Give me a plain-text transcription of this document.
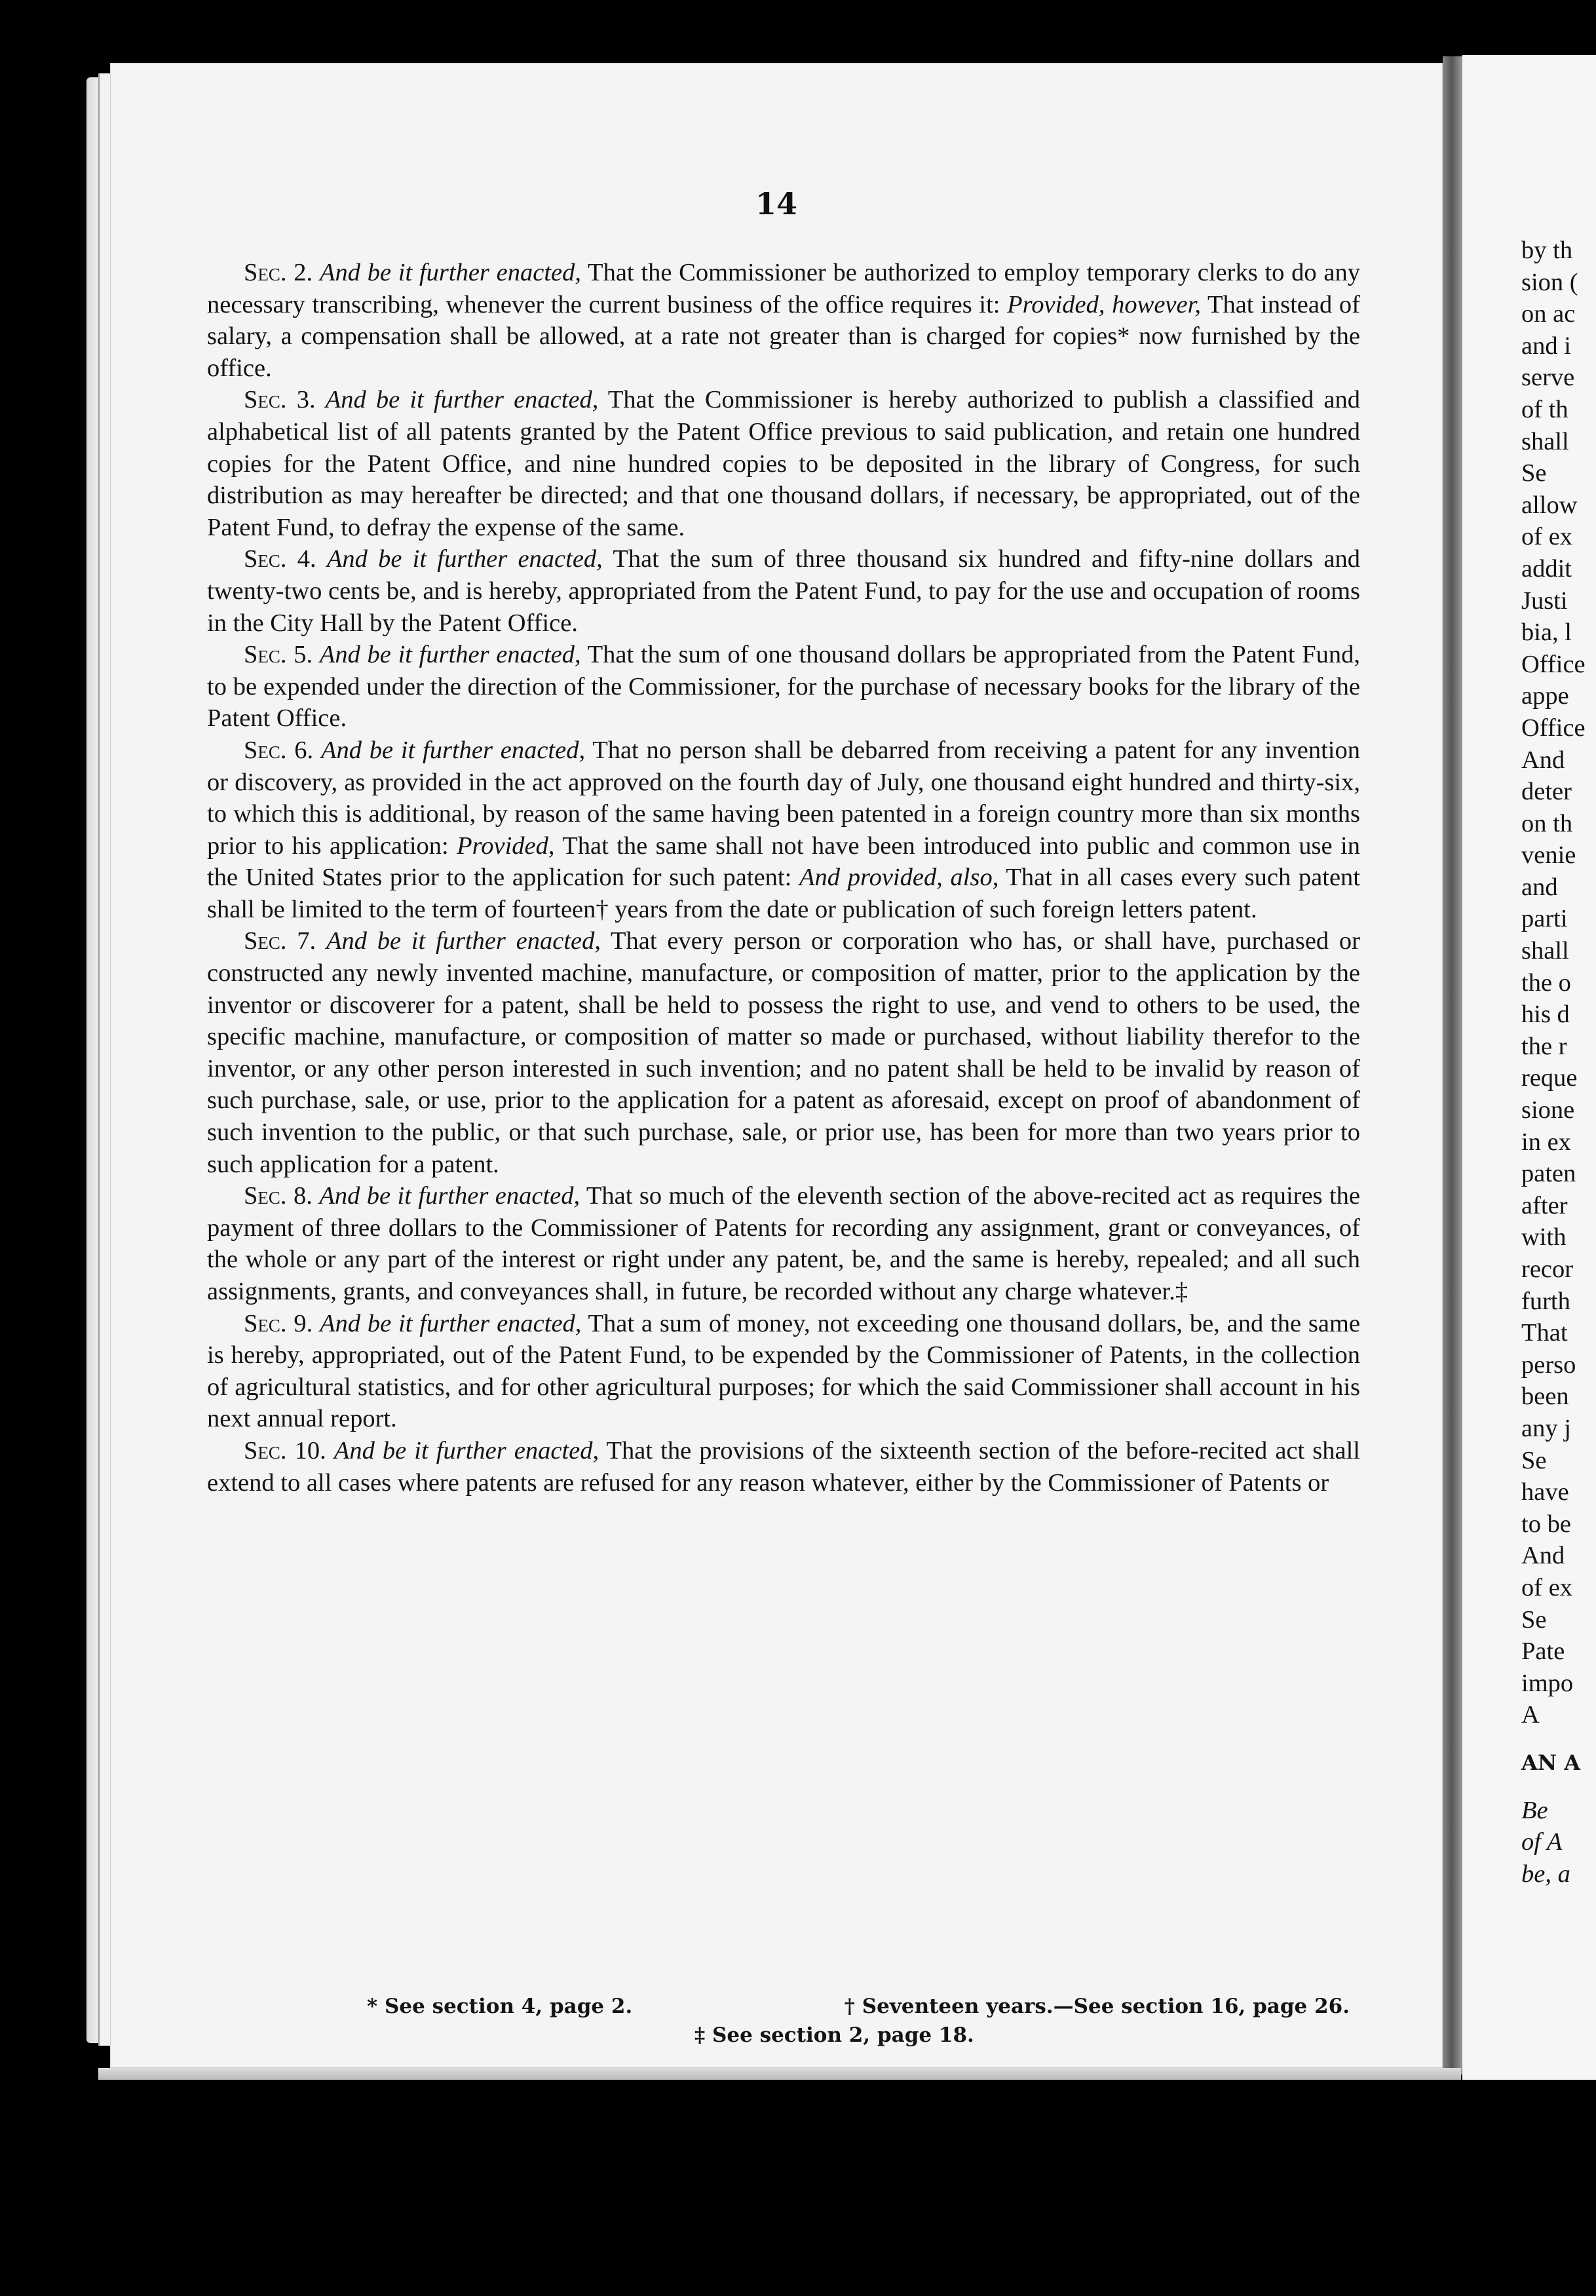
14

Sec. 2. And be it further enacted, That the Commissioner be authorized to employ temporary clerks to do any necessary transcribing, whenever the current business of the office requires it: Provided, however, That instead of salary, a compensation shall be allowed, at a rate not greater than is charged for copies* now furnished by the office.

Sec. 3. And be it further enacted, That the Commissioner is hereby authorized to publish a classified and alphabetical list of all patents granted by the Patent Office previous to said publication, and retain one hundred copies for the Patent Office, and nine hundred copies to be deposited in the library of Congress, for such distribution as may hereafter be directed; and that one thousand dollars, if necessary, be appropriated, out of the Patent Fund, to defray the expense of the same.

Sec. 4. And be it further enacted, That the sum of three thousand six hundred and fifty-nine dollars and twenty-two cents be, and is hereby, appropriated from the Patent Fund, to pay for the use and occupation of rooms in the City Hall by the Patent Office.

Sec. 5. And be it further enacted, That the sum of one thousand dollars be appropriated from the Patent Fund, to be expended under the direction of the Commissioner, for the purchase of necessary books for the library of the Patent Office.

Sec. 6. And be it further enacted, That no person shall be debarred from receiving a patent for any invention or discovery, as provided in the act approved on the fourth day of July, one thousand eight hundred and thirty-six, to which this is additional, by reason of the same having been patented in a foreign country more than six months prior to his application: Provided, That the same shall not have been introduced into public and common use in the United States prior to the application for such patent: And provided, also, That in all cases every such patent shall be limited to the term of fourteen† years from the date or publication of such foreign letters patent.

Sec. 7. And be it further enacted, That every person or corporation who has, or shall have, purchased or constructed any newly invented machine, manufacture, or composition of matter, prior to the application by the inventor or discoverer for a patent, shall be held to possess the right to use, and vend to others to be used, the specific machine, manufacture, or composition of matter so made or purchased, without liability therefor to the inventor, or any other person interested in such invention; and no patent shall be held to be invalid by reason of such purchase, sale, or use, prior to the application for a patent as aforesaid, except on proof of abandonment of such invention to the public, or that such purchase, sale, or prior use, has been for more than two years prior to such application for a patent.

Sec. 8. And be it further enacted, That so much of the eleventh section of the above-recited act as requires the payment of three dollars to the Commissioner of Patents for recording any assignment, grant or conveyances, of the whole or any part of the interest or right under any patent, be, and the same is hereby, repealed; and all such assignments, grants, and conveyances shall, in future, be recorded without any charge whatever.‡

Sec. 9. And be it further enacted, That a sum of money, not exceeding one thousand dollars, be, and the same is hereby, appropriated, out of the Patent Fund, to be expended by the Commissioner of Patents, in the collection of agricultural statistics, and for other agricultural purposes; for which the said Commissioner shall account in his next annual report.

Sec. 10. And be it further enacted, That the provisions of the sixteenth section of the before-recited act shall extend to all cases where patents are refused for any reason whatever, either by the Commissioner of Patents or

* See section 4, page 2.	† Seventeen years.—See section 16, page 26.
‡ See section 2, page 18.
by th
sion (
on ac
and i
serve
of th
shall
Se
allow
of ex
addit
Justi
bia, l
Office
appe
Office
And
deter
on th
venie
and
parti
shall
the o
his d
the r
reque
sione
in ex
paten
after
with
recor
furth
That
perso
been
any j
Se
have
to be
And
of ex
Se
Pate
impo
A
AN A
Be
of A
be, a
